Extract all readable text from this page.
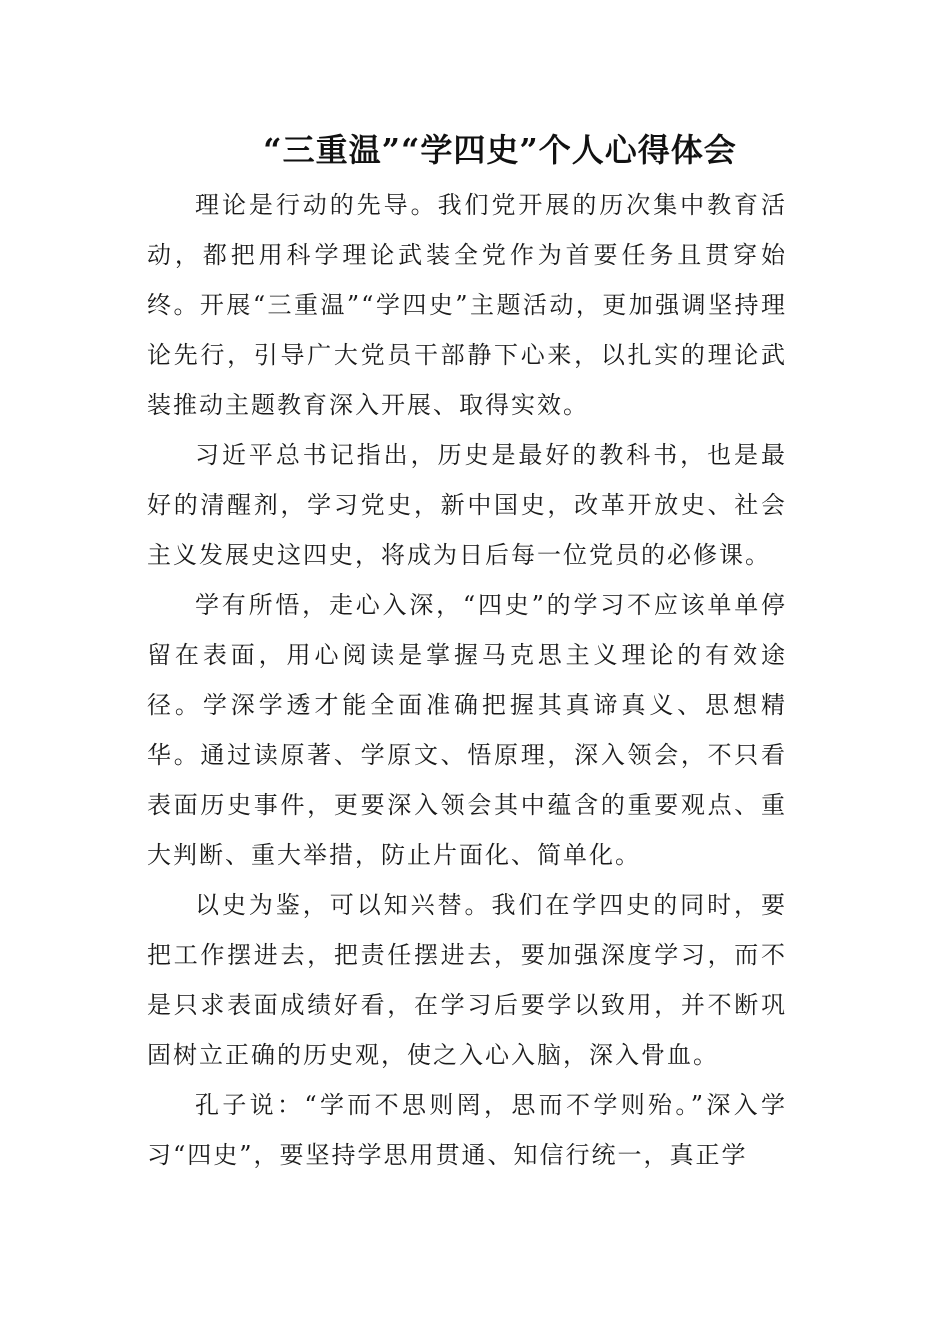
“三重温”“学四史”个人心得体会

理论是行动的先导。我们党开展的历次集中教育活动，都把用科学理论武装全党作为首要任务且贯穿始终。开展“三重温”“学四史”主题活动，更加强调坚持理论先行，引导广大党员干部静下心来，以扎实的理论武装推动主题教育深入开展、取得实效。

习近平总书记指出，历史是最好的教科书，也是最好的清醒剂，学习党史，新中国史，改革开放史、社会主义发展史这四史，将成为日后每一位党员的必修课。

学有所悟，走心入深，“四史”的学习不应该单单停留在表面，用心阅读是掌握马克思主义理论的有效途径。学深学透才能全面准确把握其真谛真义、思想精华。通过读原著、学原文、悟原理，深入领会，不只看表面历史事件，更要深入领会其中蕴含的重要观点、重大判断、重大举措，防止片面化、简单化。

以史为鉴，可以知兴替。我们在学四史的同时，要把工作摆进去，把责任摆进去，要加强深度学习，而不是只求表面成绩好看，在学习后要学以致用，并不断巩固树立正确的历史观，使之入心入脑，深入骨血。

孔子说：“学而不思则罔，思而不学则殆。”深入学习“四史”，要坚持学思用贯通、知信行统一，真正学
